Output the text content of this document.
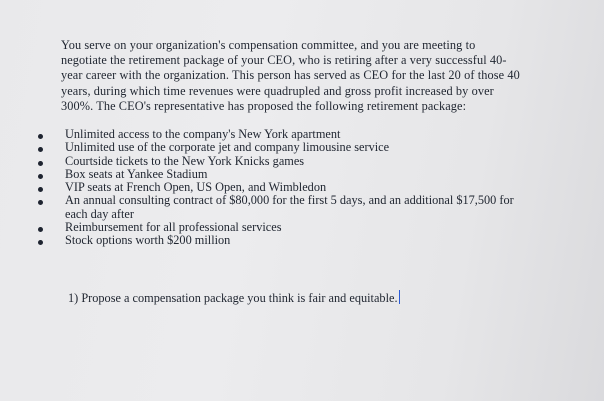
You serve on your organization's compensation committee, and you are meeting to

negotiate the retirement package of your CEO, who is retiring after a very successful 40-

year career with the organization. This person has served as CEO for the last 20 of those 40

years, during which time revenues were quadrupled and gross profit increased by over

300%. The CEO's representative has proposed the following retirement package:

Unlimited access to the company's New York apartment
Unlimited use of the corporate jet and company limousine service
Courtside tickets to the New York Knicks games
Box seats at Yankee Stadium
VIP seats at French Open, US Open, and Wimbledon
An annual consulting contract of $80,000 for the first 5 days, and an additional $17,500 for
each day after
Reimbursement for all professional services
Stock options worth $200 million
1) Propose a compensation package you think is fair and equitable.
